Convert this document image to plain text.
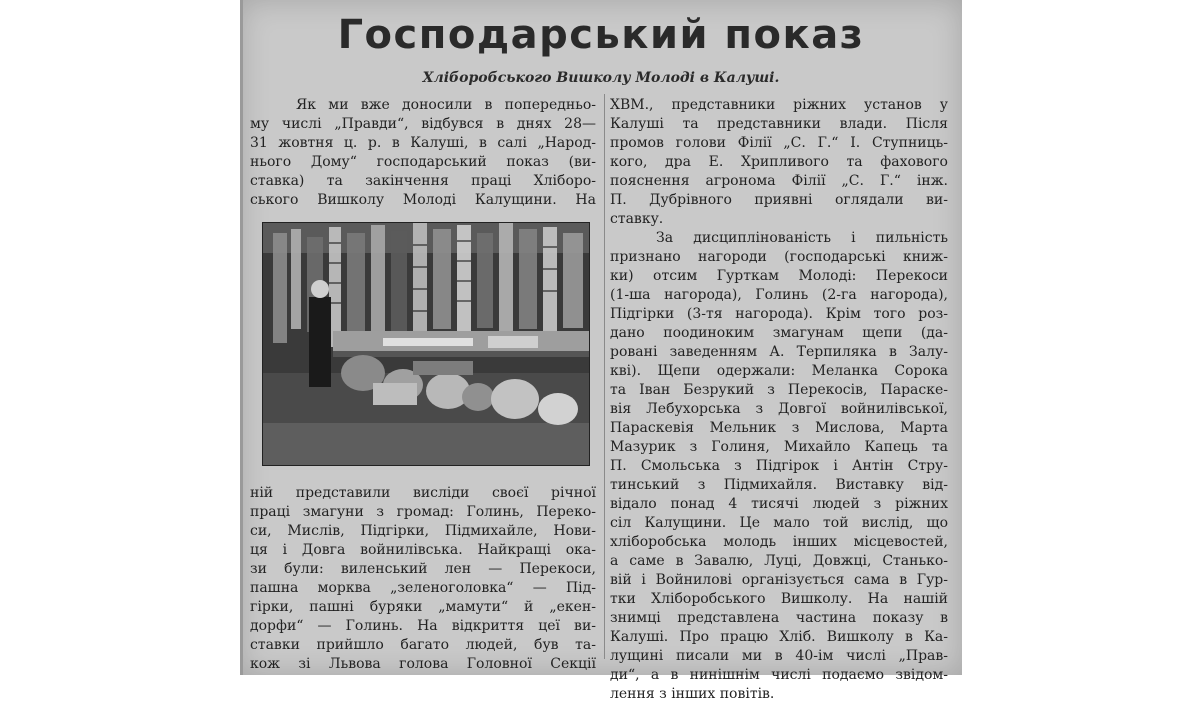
Господарський показ
Хліборобського Вишколу Молоді в Калуші.
Як ми вже доносили в попередньо-
му числі „Правди“, відбувся в днях 28—
31 жовтня ц. р. в Калуші, в салі „Народ-
нього Дому“ господарський показ (ви-
ставка) та закінчення праці Хліборо-
ського Вишколу Молоді Калущини. На
ній представили висліди своєї річної
праці змагуни з громад: Голинь, Перeко-
си, Мислів, Підгірки, Підмихайле, Нови-
ця і Довга войнилівська. Найкращі ока-
зи були: виленський лен — Перекоси,
пашна морква „зеленоголовка“ — Під-
гірки, пашні буряки „мамути“ й „екен-
дорфи“ — Голинь. На відкриття цеї ви-
ставки прийшло багато людей, був та-
кож зі Львова голова Головної Секції
ХВМ., представники ріжних установ у
Калуші та представники влади. Після
промов голови Філії „С. Г.“ І. Ступниць-
кого, дра Е. Хрипливого та фахового
пояснення агронома Філії „С. Г.“ інж.
П. Дубрівного приявні оглядали ви-
ставку.
За дисциплінованість і пильність
признано нагороди (господарські книж-
ки) отсим Гурткам Молоді: Перекоси
(1-ша нагорода), Голинь (2-га нагорода),
Підгірки (3-тя нагорода). Крім того роз-
дано поодиноким змагунам щепи (да-
ровані заведенням А. Терпиляка в Залу-
кві). Щепи одержали: Меланка Сорока
та Іван Безрукий з Перекосів, Параске-
вія Лебухорська з Довгої войнилівської,
Параскевія Мельник з Мислова, Марта
Мазурик з Голиня, Михайло Капець та
П. Смольська з Підгірок і Антін Стру-
тинський з Підмихайля. Виставку від-
відало понад 4 тисячі людей з ріжних
сіл Калущини. Це мало той вислід, що
хліборобська молодь інших місцевостей,
а саме в Завалю, Луці, Довжці, Станько-
вій і Войнилові організується сама в Гур-
тки Хліборобського Вишколу. На нашій
знимці представлена частина показу в
Калуші. Про працю Хліб. Вишколу в Ка-
лущині писали ми в 40-ім числі „Прав-
ди“, а в нинішнім числі подаємо звідом-
лення з інших повітів.
